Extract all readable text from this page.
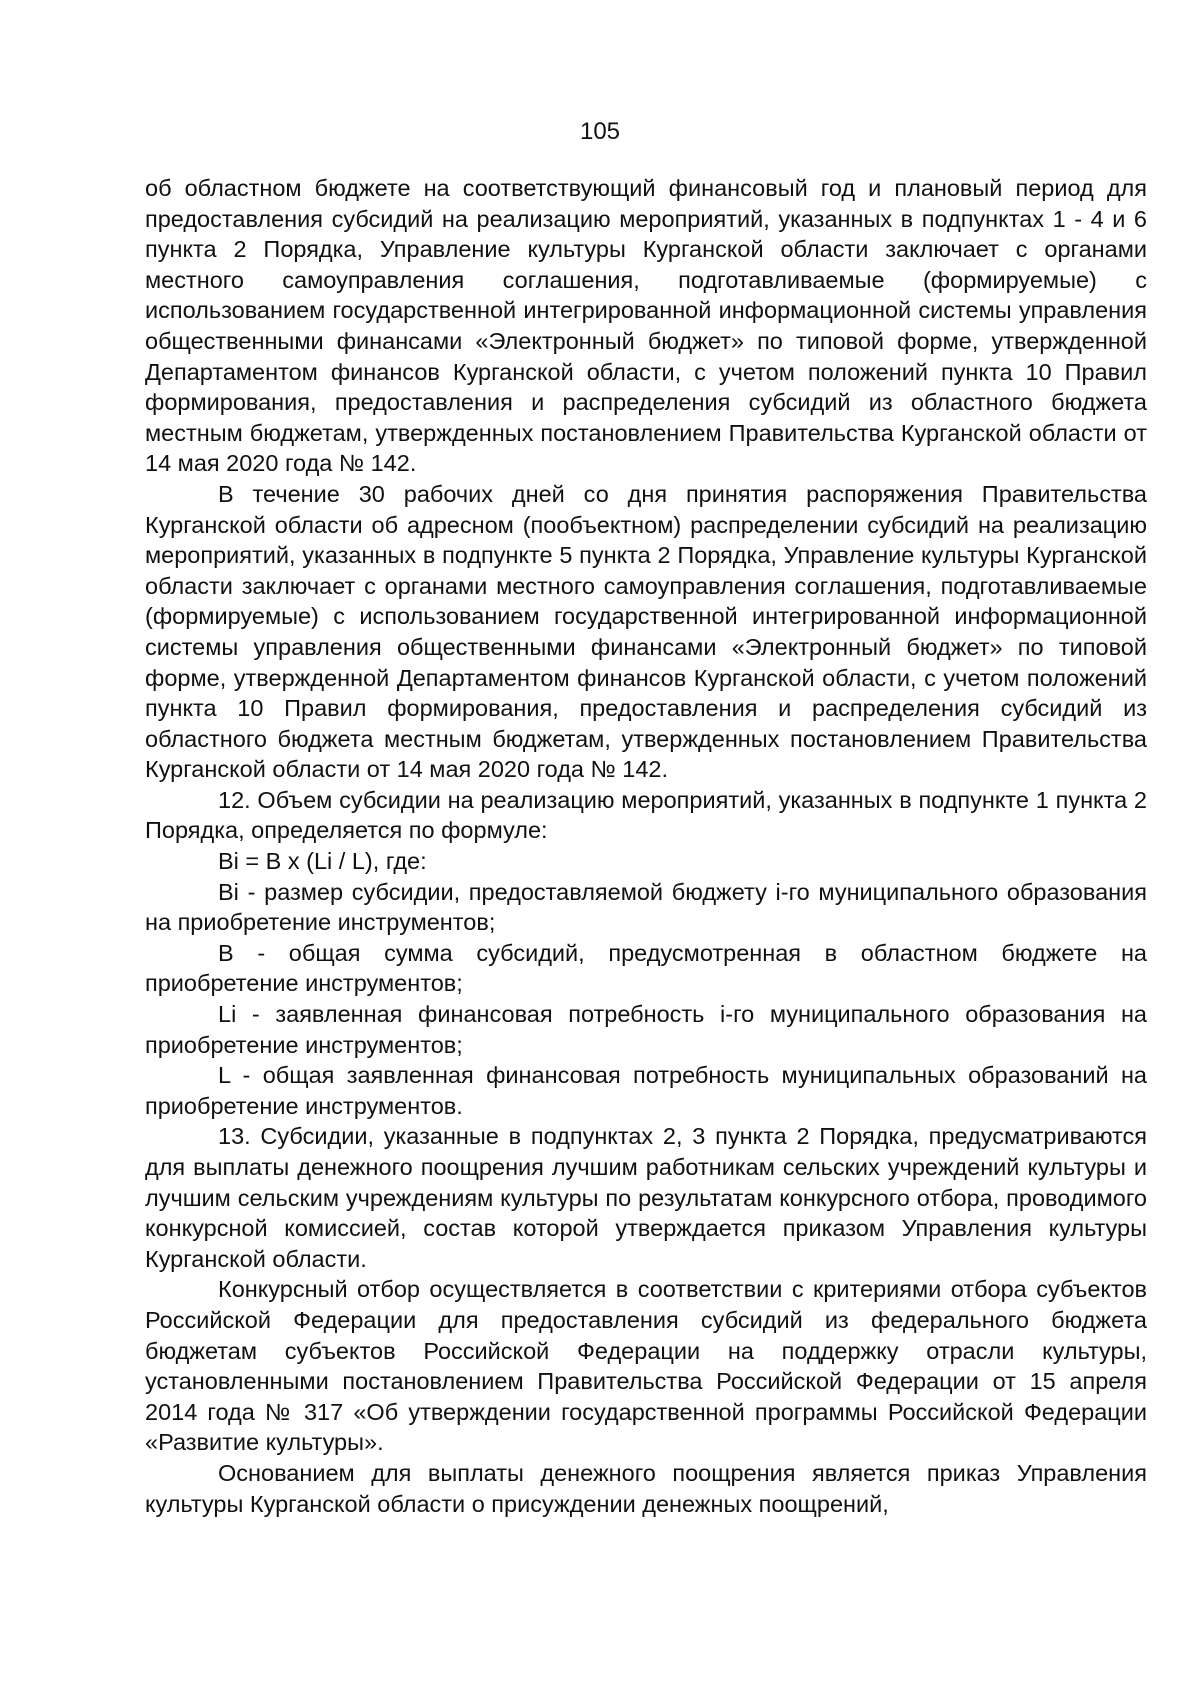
105

об областном бюджете на соответствующий финансовый год и плановый период для предоставления субсидий на реализацию мероприятий, указанных в подпунктах 1 - 4 и 6 пункта 2 Порядка, Управление культуры Курганской области заключает с органами местного самоуправления соглашения, подготавливаемые (формируемые) с использованием государственной интегрированной информационной системы управления общественными финансами «Электронный бюджет» по типовой форме, утвержденной Департаментом финансов Курганской области, с учетом положений пункта 10 Правил формирования, предоставления и распределения субсидий из областного бюджета местным бюджетам, утвержденных постановлением Правительства Курганской области от 14 мая 2020 года № 142.

В течение 30 рабочих дней со дня принятия распоряжения Правительства Курганской области об адресном (пообъектном) распределении субсидий на реализацию мероприятий, указанных в подпункте 5 пункта 2 Порядка, Управление культуры Курганской области заключает с органами местного самоуправления соглашения, подготавливаемые (формируемые) с использованием государственной интегрированной информационной системы управления общественными финансами «Электронный бюджет» по типовой форме, утвержденной Департаментом финансов Курганской области, с учетом положений пункта 10 Правил формирования, предоставления и распределения субсидий из областного бюджета местным бюджетам, утвержденных постановлением Правительства Курганской области от 14 мая 2020 года № 142.

12. Объем субсидии на реализацию мероприятий, указанных в подпункте 1 пункта 2 Порядка, определяется по формуле:

Bi = B x (Li / L), где:

Bi - размер субсидии, предоставляемой бюджету i-го муниципального образования на приобретение инструментов;

B - общая сумма субсидий, предусмотренная в областном бюджете на приобретение инструментов;

Li - заявленная финансовая потребность i-го муниципального образования на приобретение инструментов;

L - общая заявленная финансовая потребность муниципальных образований на приобретение инструментов.

13. Субсидии, указанные в подпунктах 2, 3 пункта 2 Порядка, предусматриваются для выплаты денежного поощрения лучшим работникам сельских учреждений культуры и лучшим сельским учреждениям культуры по результатам конкурсного отбора, проводимого конкурсной комиссией, состав которой утверждается приказом Управления культуры Курганской области.

Конкурсный отбор осуществляется в соответствии с критериями отбора субъектов Российской Федерации для предоставления субсидий из федерального бюджета бюджетам субъектов Российской Федерации на поддержку отрасли культуры, установленными постановлением Правительства Российской Федерации от 15 апреля 2014 года № 317 «Об утверждении государственной программы Российской Федерации «Развитие культуры».

Основанием для выплаты денежного поощрения является приказ Управления культуры Курганской области о присуждении денежных поощрений,
